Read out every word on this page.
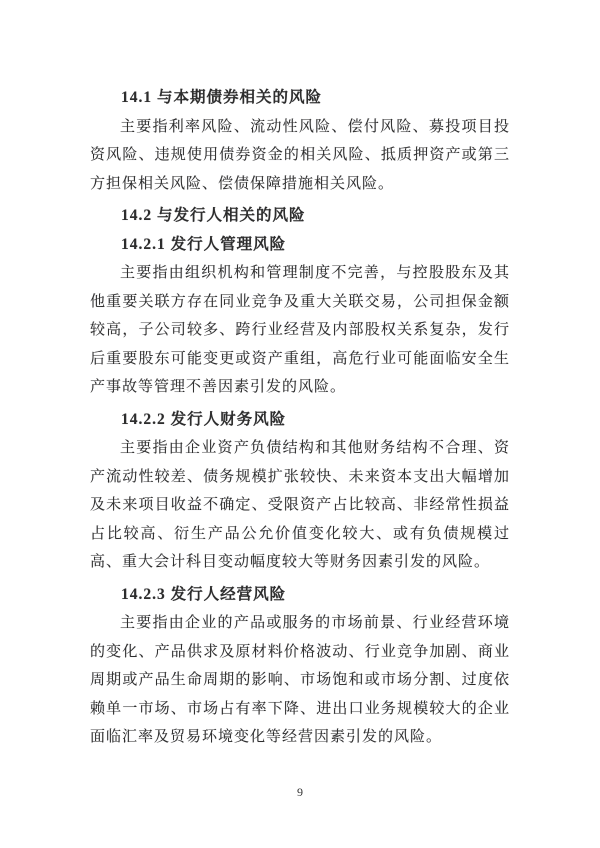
14.1 与本期债券相关的风险

主要指利率风险、流动性风险、偿付风险、募投项目投资风险、违规使用债券资金的相关风险、抵质押资产或第三方担保相关风险、偿债保障措施相关风险。

14.2 与发行人相关的风险
14.2.1 发行人管理风险

主要指由组织机构和管理制度不完善，与控股股东及其他重要关联方存在同业竞争及重大关联交易，公司担保金额较高，子公司较多、跨行业经营及内部股权关系复杂，发行后重要股东可能变更或资产重组，高危行业可能面临安全生产事故等管理不善因素引发的风险。

14.2.2 发行人财务风险

主要指由企业资产负债结构和其他财务结构不合理、资产流动性较差、债务规模扩张较快、未来资本支出大幅增加及未来项目收益不确定、受限资产占比较高、非经常性损益占比较高、衍生产品公允价值变化较大、或有负债规模过高、重大会计科目变动幅度较大等财务因素引发的风险。

14.2.3 发行人经营风险

主要指由企业的产品或服务的市场前景、行业经营环境的变化、产品供求及原材料价格波动、行业竞争加剧、商业周期或产品生命周期的影响、市场饱和或市场分割、过度依赖单一市场、市场占有率下降、进出口业务规模较大的企业面临汇率及贸易环境变化等经营因素引发的风险。

9
